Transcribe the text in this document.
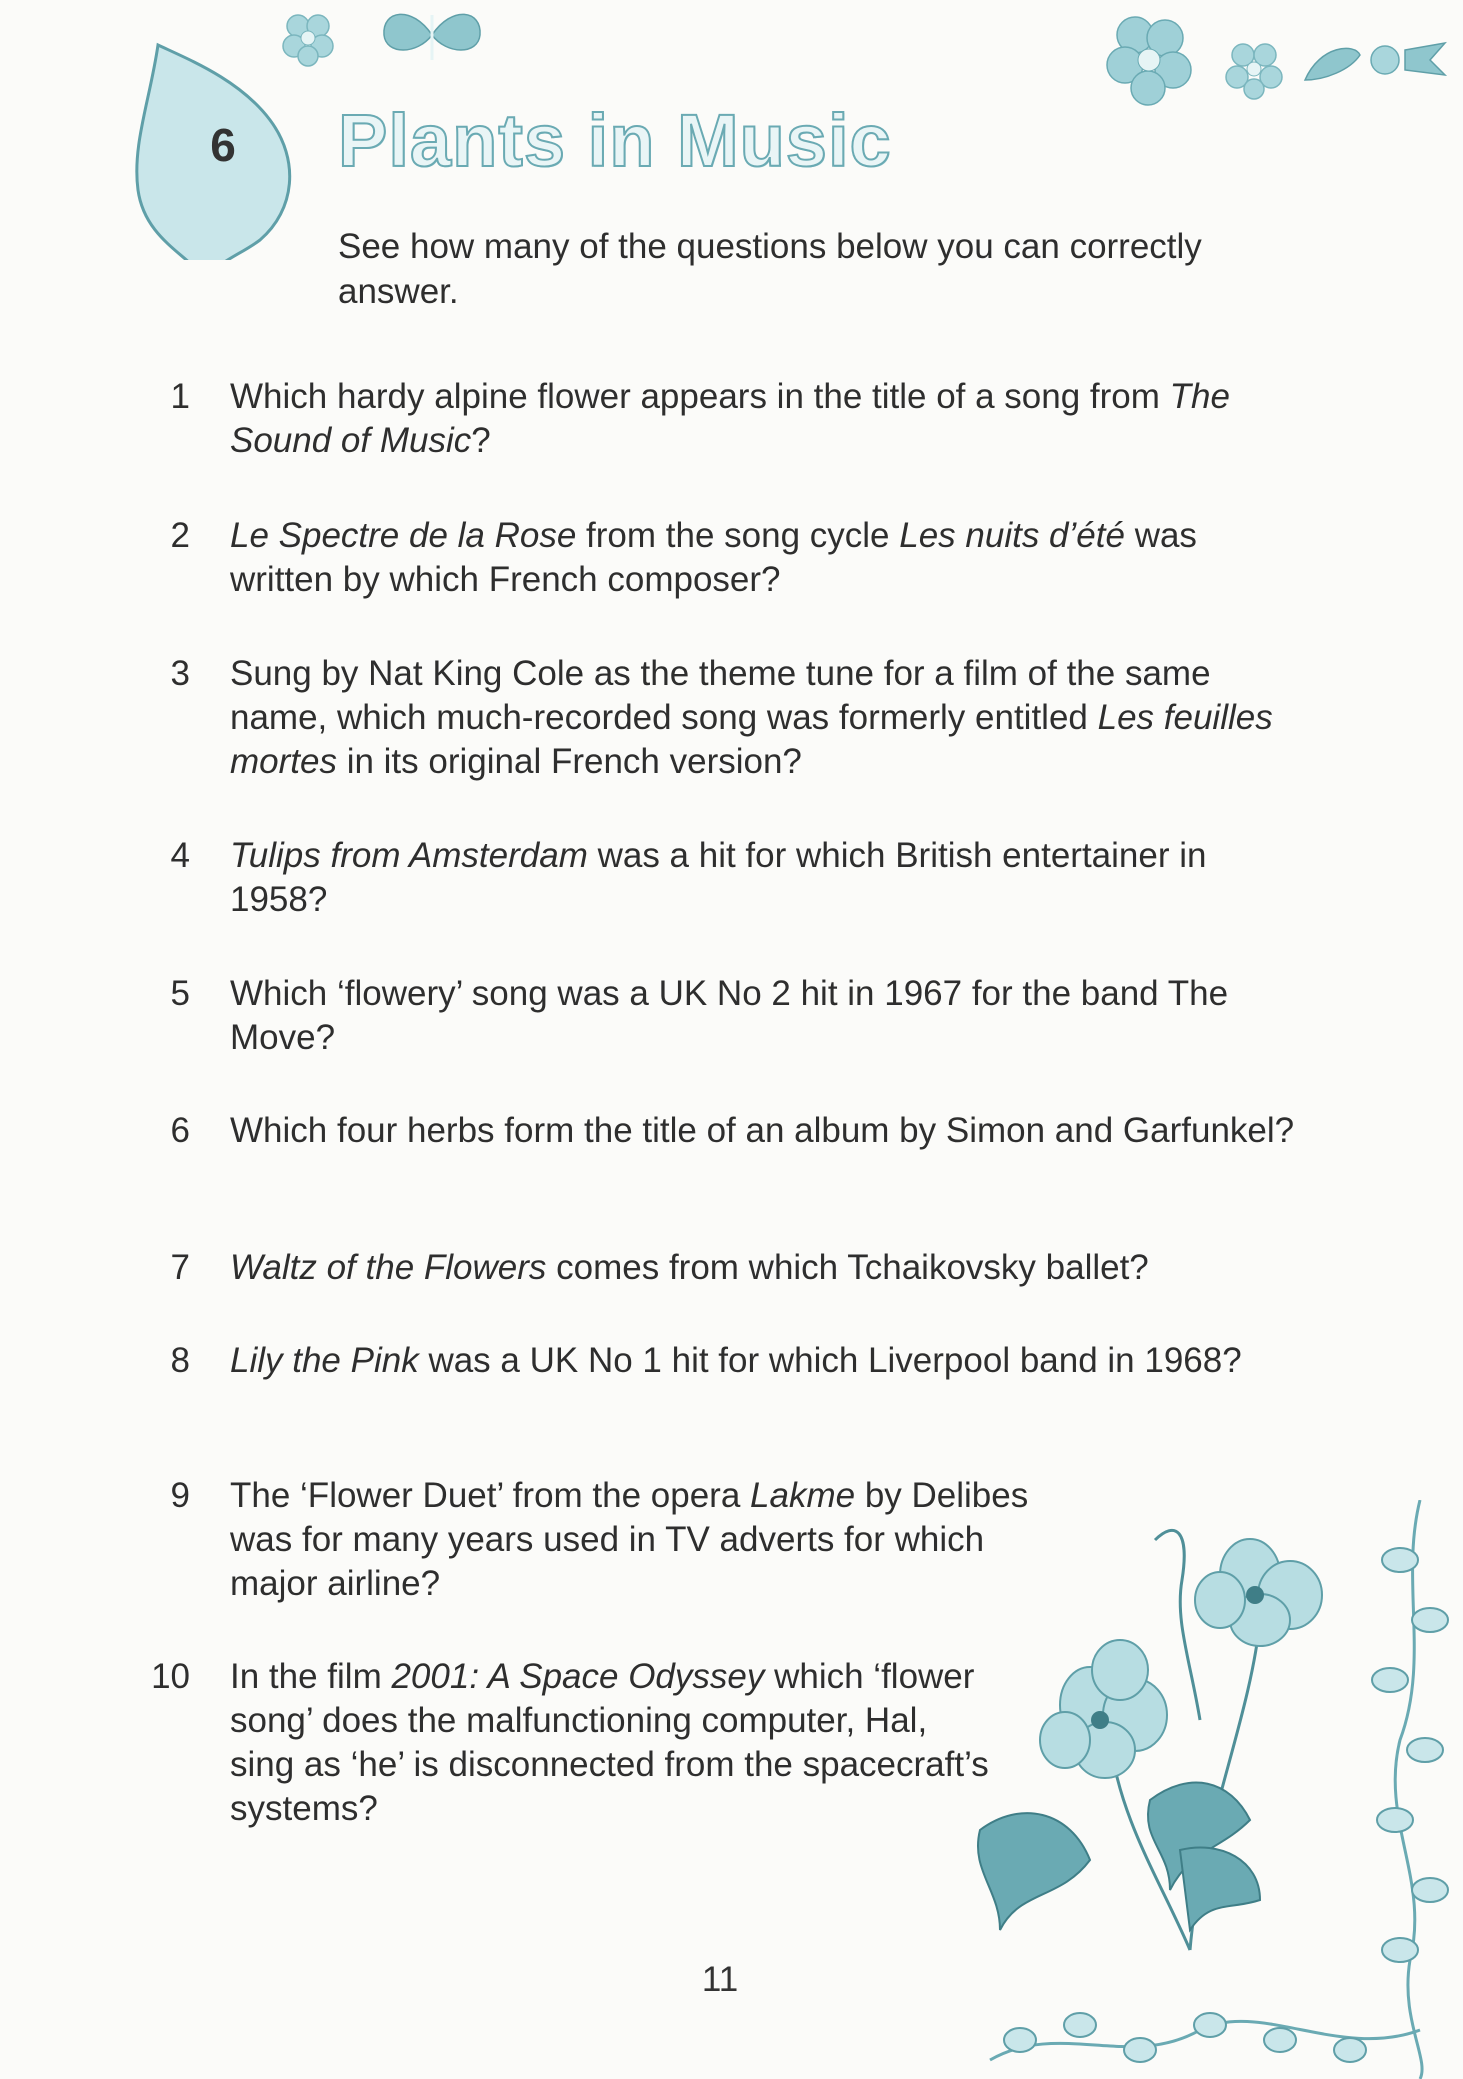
6 Plants in Music
See how many of the questions below you can correctly answer.
1 Which hardy alpine flower appears in the title of a song from The Sound of Music?
2 Le Spectre de la Rose from the song cycle Les nuits d’été was written by which French composer?
3 Sung by Nat King Cole as the theme tune for a film of the same name, which much-recorded song was formerly entitled Les feuilles mortes in its original French version?
4 Tulips from Amsterdam was a hit for which British entertainer in 1958?
5 Which ‘flowery’ song was a UK No 2 hit in 1967 for the band The Move?
6 Which four herbs form the title of an album by Simon and Garfunkel?
7 Waltz of the Flowers comes from which Tchaikovsky ballet?
8 Lily the Pink was a UK No 1 hit for which Liverpool band in 1968?
9 The ‘Flower Duet’ from the opera Lakme by Delibes was for many years used in TV adverts for which major airline?
10 In the film 2001: A Space Odyssey which ‘flower song’ does the malfunctioning computer, Hal, sing as ‘he’ is disconnected from the spacecraft’s systems?
11
